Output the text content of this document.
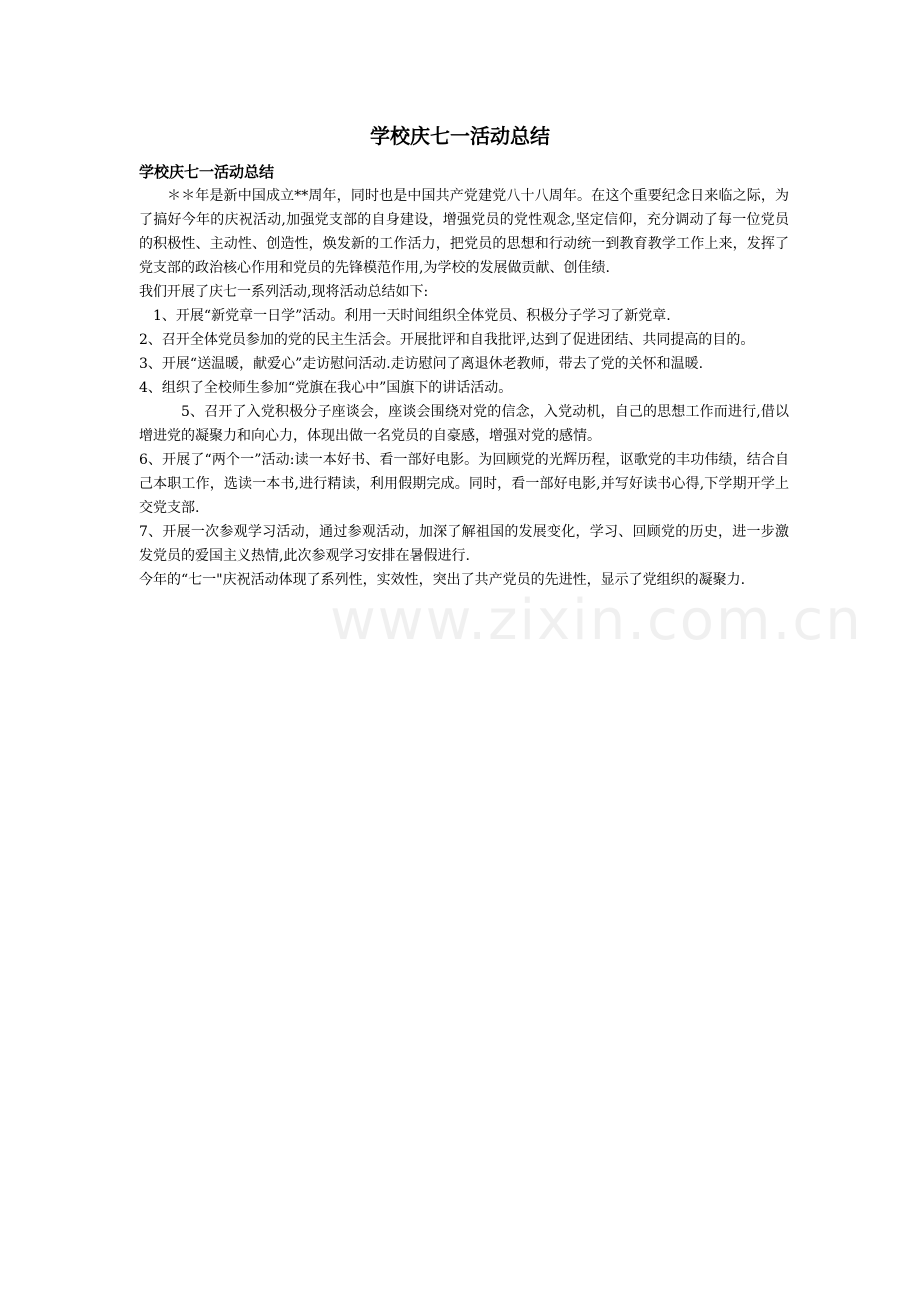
学校庆七一活动总结

学校庆七一活动总结

＊＊年是新中国成立**周年，同时也是中国共产党建党八十八周年。在这个重要纪念日来临之际，为了搞好今年的庆祝活动,加强党支部的自身建设，增强党员的党性观念,坚定信仰，充分调动了每一位党员的积极性、主动性、创造性，焕发新的工作活力，把党员的思想和行动统一到教育教学工作上来，发挥了党支部的政治核心作用和党员的先锋模范作用,为学校的发展做贡献、创佳绩.

我们开展了庆七一系列活动,现将活动总结如下:

1、开展“新党章一日学”活动。利用一天时间组织全体党员、积极分子学习了新党章.

2、召开全体党员参加的党的民主生活会。开展批评和自我批评,达到了促进团结、共同提高的目的。

3、开展“送温暖，献爱心”走访慰问活动.走访慰问了离退休老教师，带去了党的关怀和温暖.

4、组织了全校师生参加“党旗在我心中”国旗下的讲话活动。

5、召开了入党积极分子座谈会，座谈会围绕对党的信念，入党动机，自己的思想工作而进行,借以增进党的凝聚力和向心力，体现出做一名党员的自豪感，增强对党的感情。

6、开展了“两个一”活动:读一本好书、看一部好电影。为回顾党的光辉历程，讴歌党的丰功伟绩，结合自己本职工作，选读一本书,进行精读，利用假期完成。同时，看一部好电影,并写好读书心得,下学期开学上交党支部.

7、开展一次参观学习活动，通过参观活动，加深了解祖国的发展变化，学习、回顾党的历史，进一步激发党员的爱国主义热情,此次参观学习安排在暑假进行.

今年的“七一"庆祝活动体现了系列性，实效性，突出了共产党员的先进性，显示了党组织的凝聚力.

www.zixin.com.cn
